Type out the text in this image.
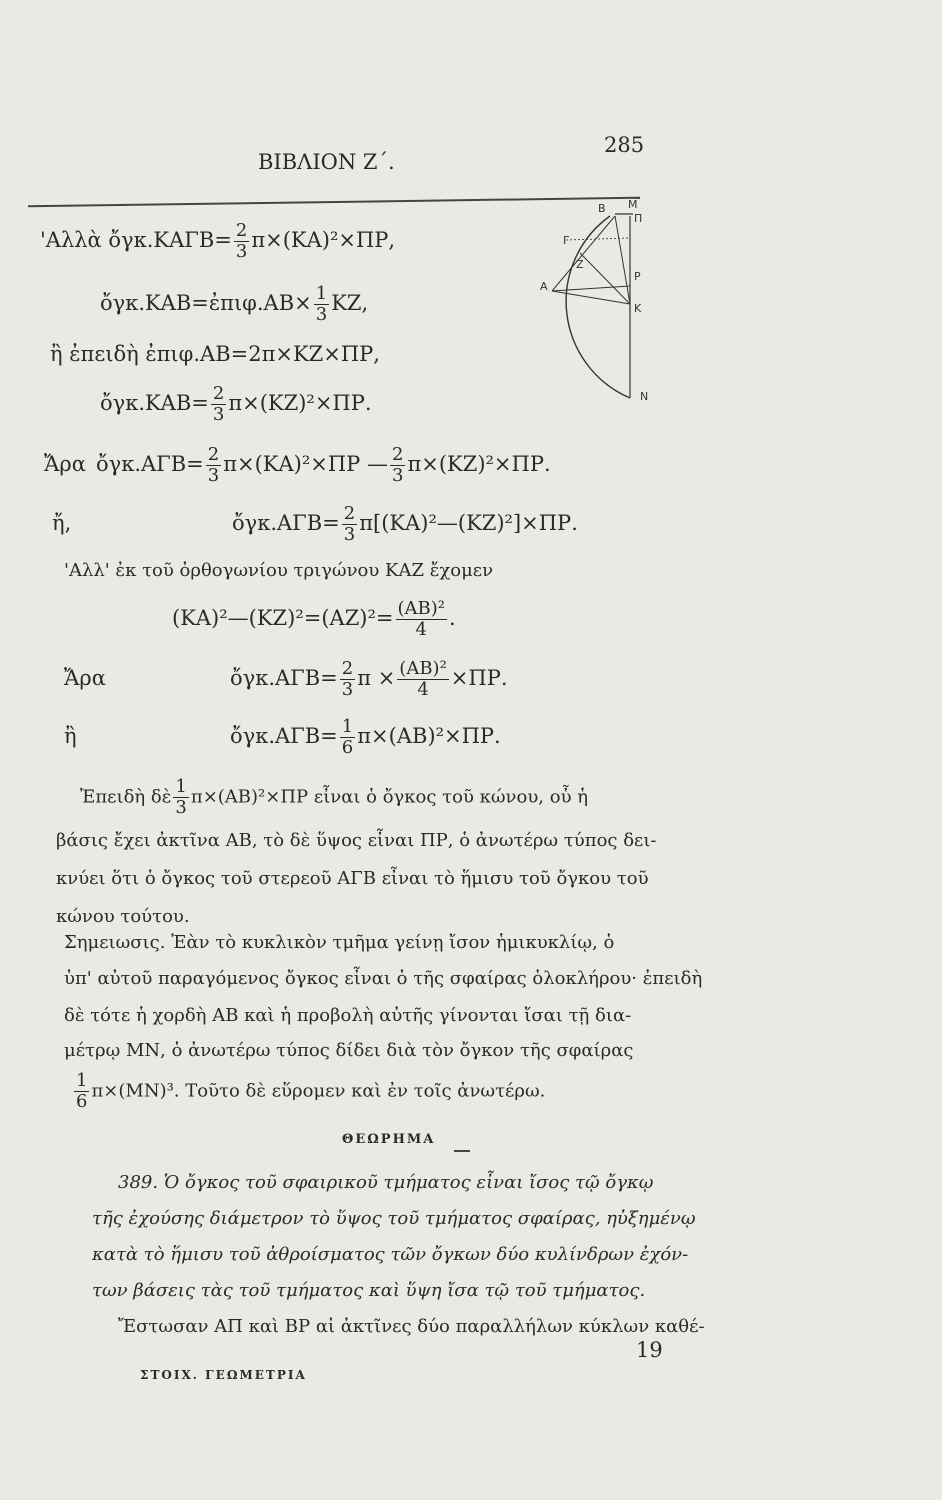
ΒΙΒΛΙΟΝ Ζ΄.
285
Β Μ
Π
Γ
Ζ
Ρ
Α
Κ
Ν
'Αλλὰ ὄγκ.ΚΑΓΒ= $\frac{2}{3} \pi\times(KA)^2\times\Pi P$,
ὄγκ.ΚΑΒ=ἐπιφ.ΑΒ× $\frac{1}{3} KZ$,
ἢ ἐπειδὴ ἐπιφ.ΑΒ=2π×ΚΖ×ΠΡ,
ὄγκ.ΚΑΒ= $\frac{2}{3} \pi\times(KZ)^2\times\Pi P$.
Ἄρα ὄγκ.ΑΓΒ= $\frac{2}{3} \pi\times(KA)^2\times\Pi P$ — $\frac{2}{3} \pi\times(KZ)^2\times\Pi P$.
ἤ,	ὄγκ.ΑΓΒ= $\frac{2}{3}$ π[(ΚΑ)²—(ΚΖ)²]×ΠΡ.
'Αλλ' ἐκ τοῦ ὀρθογωνίου τριγώνου ΚΑΖ ἔχομεν
(ΚΑ)²—(ΚΖ)²=(ΑΖ)²= $\frac{\text{(ΑΒ)²}}{4}$ .
Ἄρα	ὄγκ.ΑΓΒ= $\frac{2}{3}$ $\pi \times \frac{\text{(ΑΒ)²}}{4} \times\Pi P$.
ἢ	ὄγκ.ΑΓΒ= $\frac{1}{6} \pi\times(AB)^2\times\Pi P$.
Ἐπειδὴ δὲ $\frac{1}{3} \pi\times(AB)^2\times\Pi P$ εἶναι ὁ ὄγκος τοῦ κώνου, οὗ ἡ
βάσις ἔχει ἀκτῖνα ΑΒ, τὸ δὲ ὕψος εἶναι ΠΡ, ὁ ἀνωτέρω τύπος δει-
κνύει ὅτι ὁ ὄγκος τοῦ στερεοῦ ΑΓΒ εἶναι τὸ ἥμισυ τοῦ ὄγκου τοῦ
κώνου τούτου.
Σημειωσις. Ἐὰν τὸ κυκλικὸν τμῆμα γείνῃ ἴσον ἡμικυκλίῳ, ὁ
ὑπ' αὐτοῦ παραγόμενος ὄγκος εἶναι ὁ τῆς σφαίρας ὁλοκλήρου· ἐπειδὴ
δὲ τότε ἡ χορδὴ ΑΒ καὶ ἡ προβολὴ αὐτῆς γίνονται ἴσαι τῇ δια-
μέτρῳ ΜΝ, ὁ ἀνωτέρω τύπος δίδει διὰ τὸν ὄγκον τῆς σφαίρας
$\frac{1}{6} \pi\times(MN)^3$. Τοῦτο δὲ εὕρομεν καὶ ἐν τοῖς ἀνωτέρω.
ΘΕΩΡΗΜΑ
389. Ὁ ὄγκος τοῦ σφαιρικοῦ τμήματος εἶναι ἴσος τῷ ὄγκῳ
τῆς ἐχούσης διάμετρον τὸ ὕψος τοῦ τμήματος σφαίρας, ηὐξημένῳ
κατὰ τὸ ἥμισυ τοῦ ἀθροίσματος τῶν ὄγκων δύο κυλίνδρων ἐχόν-
των βάσεις τὰς τοῦ τμήματος καὶ ὕψη ἴσα τῷ τοῦ τμήματος.
Ἔστωσαν ΑΠ καὶ ΒΡ αἱ ἀκτῖνες δύο παραλλήλων κύκλων καθέ-
19
ΣΤΟΙΧ. ΓΕΩΜΕΤΡΙΑ
